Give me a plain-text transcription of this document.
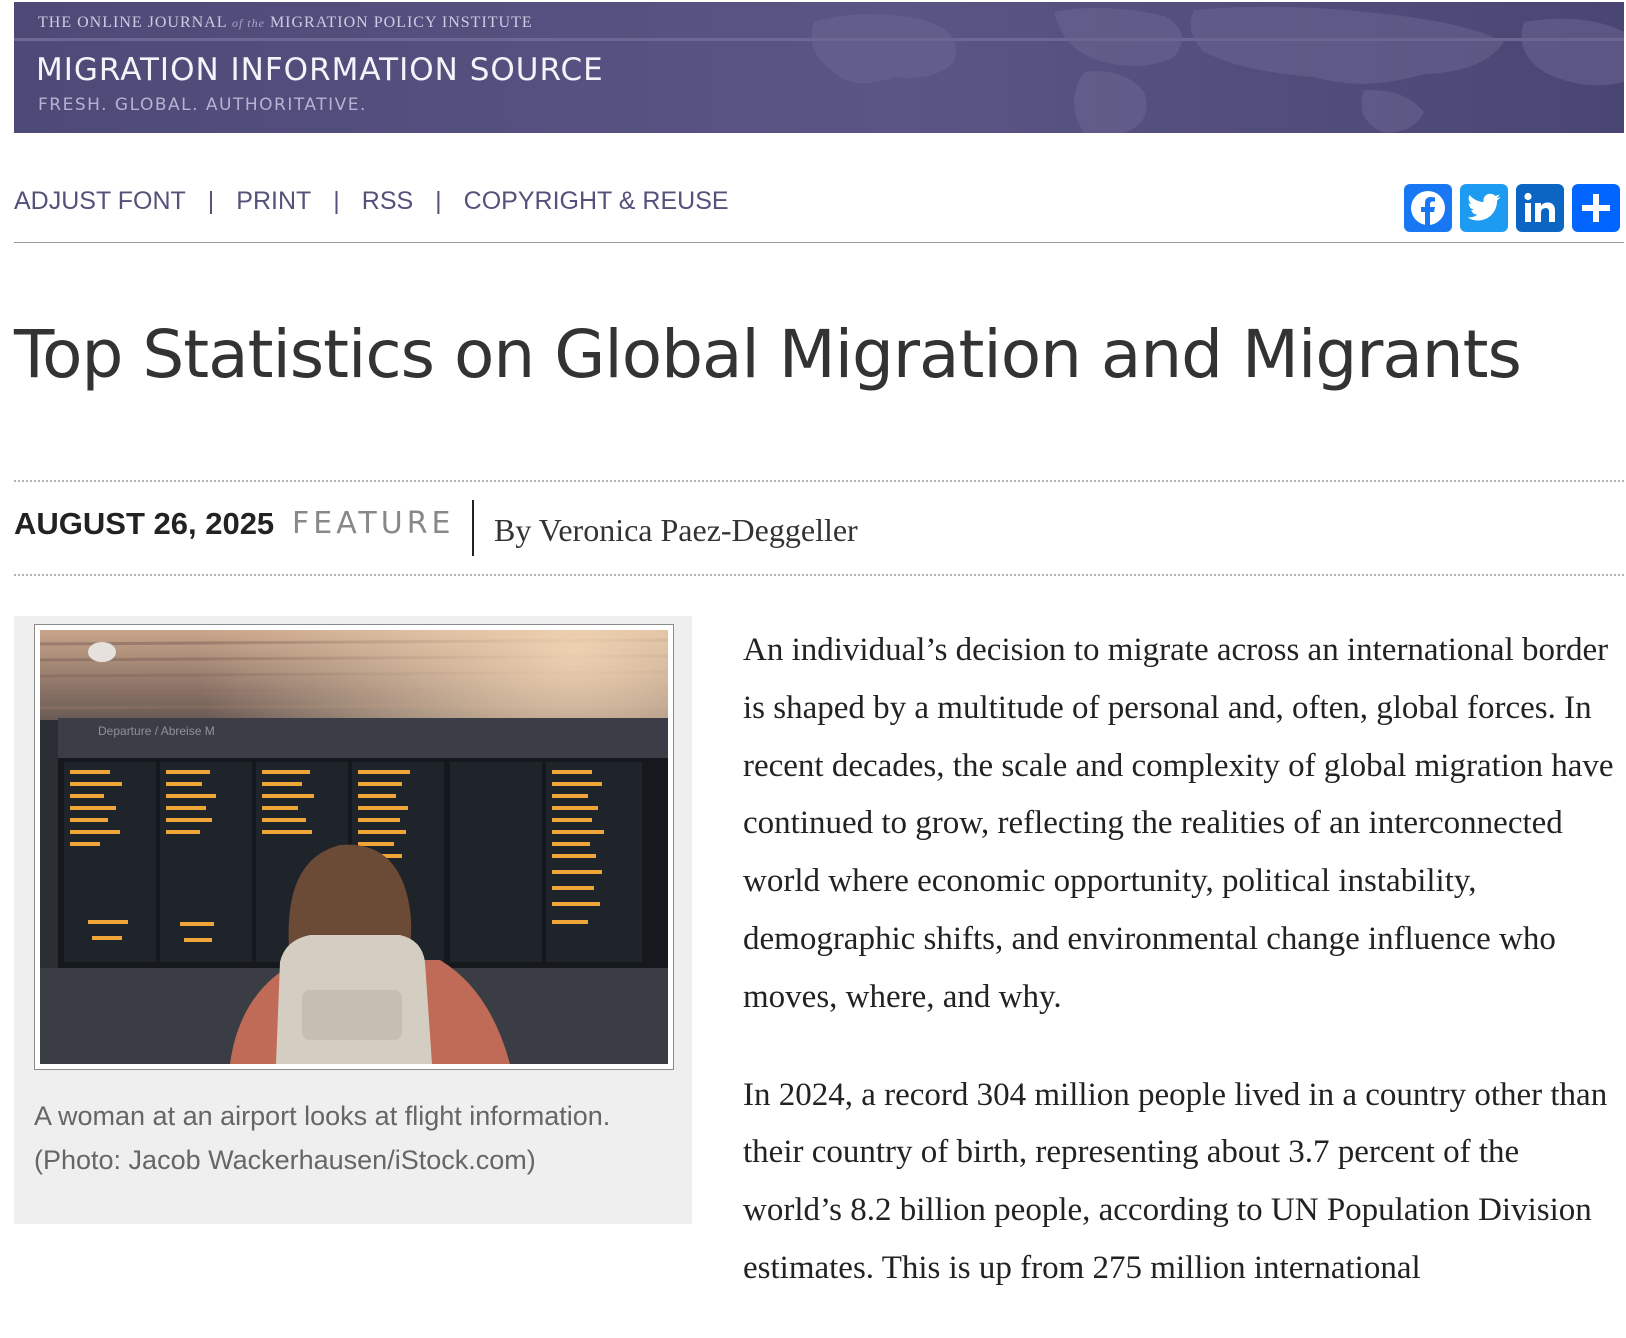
THE ONLINE JOURNAL of the MIGRATION POLICY INSTITUTE
MIGRATION INFORMATION SOURCE
FRESH. GLOBAL. AUTHORITATIVE.
ADJUST FONT | PRINT | RSS | COPYRIGHT & REUSE
Top Statistics on Global Migration and Migrants
AUGUST 26, 2025 FEATURE By Veronica Paez-Deggeller
Departure / Abreise M
A woman at an airport looks at flight information.
(Photo: Jacob Wackerhausen/iStock.com)

An individual’s decision to migrate across an international border is shaped by a multitude of personal and, often, global forces. In recent decades, the scale and complexity of global migration have continued to grow, reflecting the realities of an interconnected world where economic opportunity, political instability, demographic shifts, and environmental change influence who moves, where, and why.

In 2024, a record 304 million people lived in a country other than their country of birth, representing about 3.7 percent of the world’s 8.2 billion people, according to UN Population Division estimates. This is up from 275 million international
